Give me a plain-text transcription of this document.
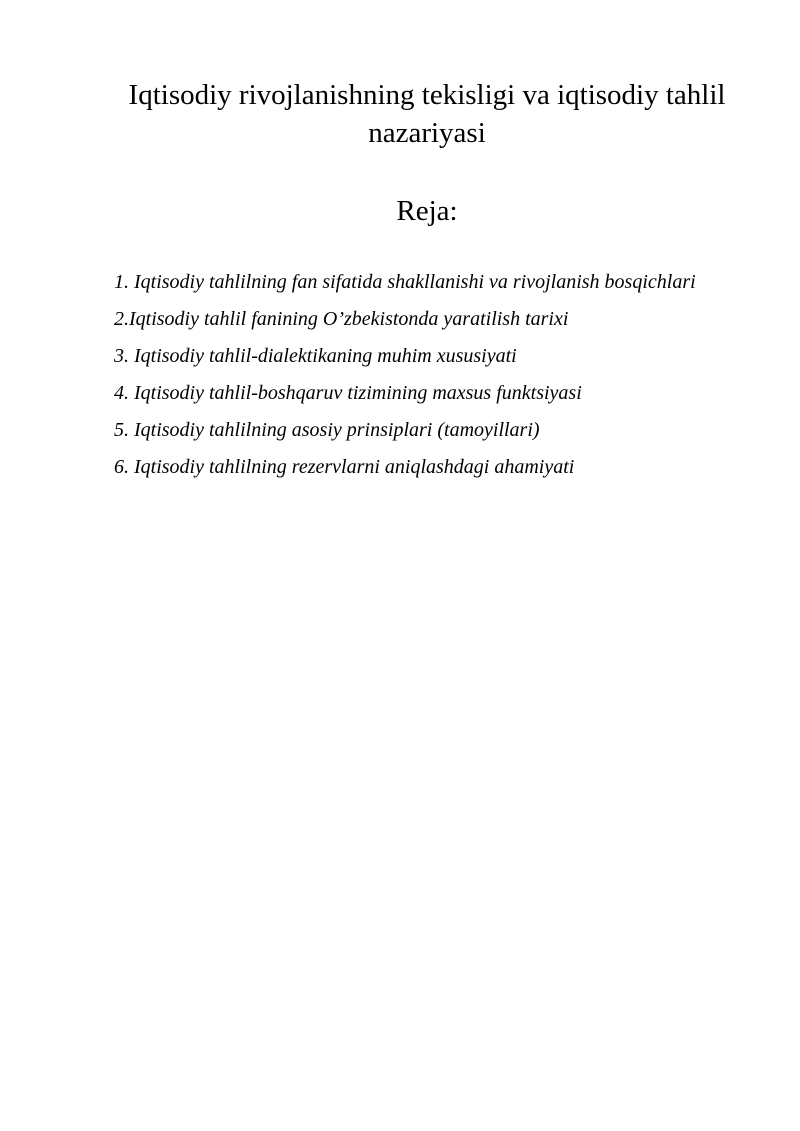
Iqtisodiy rivojlanishning tekisligi va iqtisodiy tahlil nazariyasi
Reja:
1. Iqtisodiy tahlilning fan sifatida shakllanishi va rivojlanish bosqichlari
2.Iqtisodiy tahlil fanining O’zbekistonda yaratilish tarixi
3. Iqtisodiy tahlil-dialektikaning muhim xususiyati
4. Iqtisodiy tahlil-boshqaruv tizimining maxsus funktsiyasi
5. Iqtisodiy tahlilning asosiy prinsiplari (tamoyillari)
6. Iqtisodiy tahlilning rezervlarni aniqlashdagi ahamiyati
